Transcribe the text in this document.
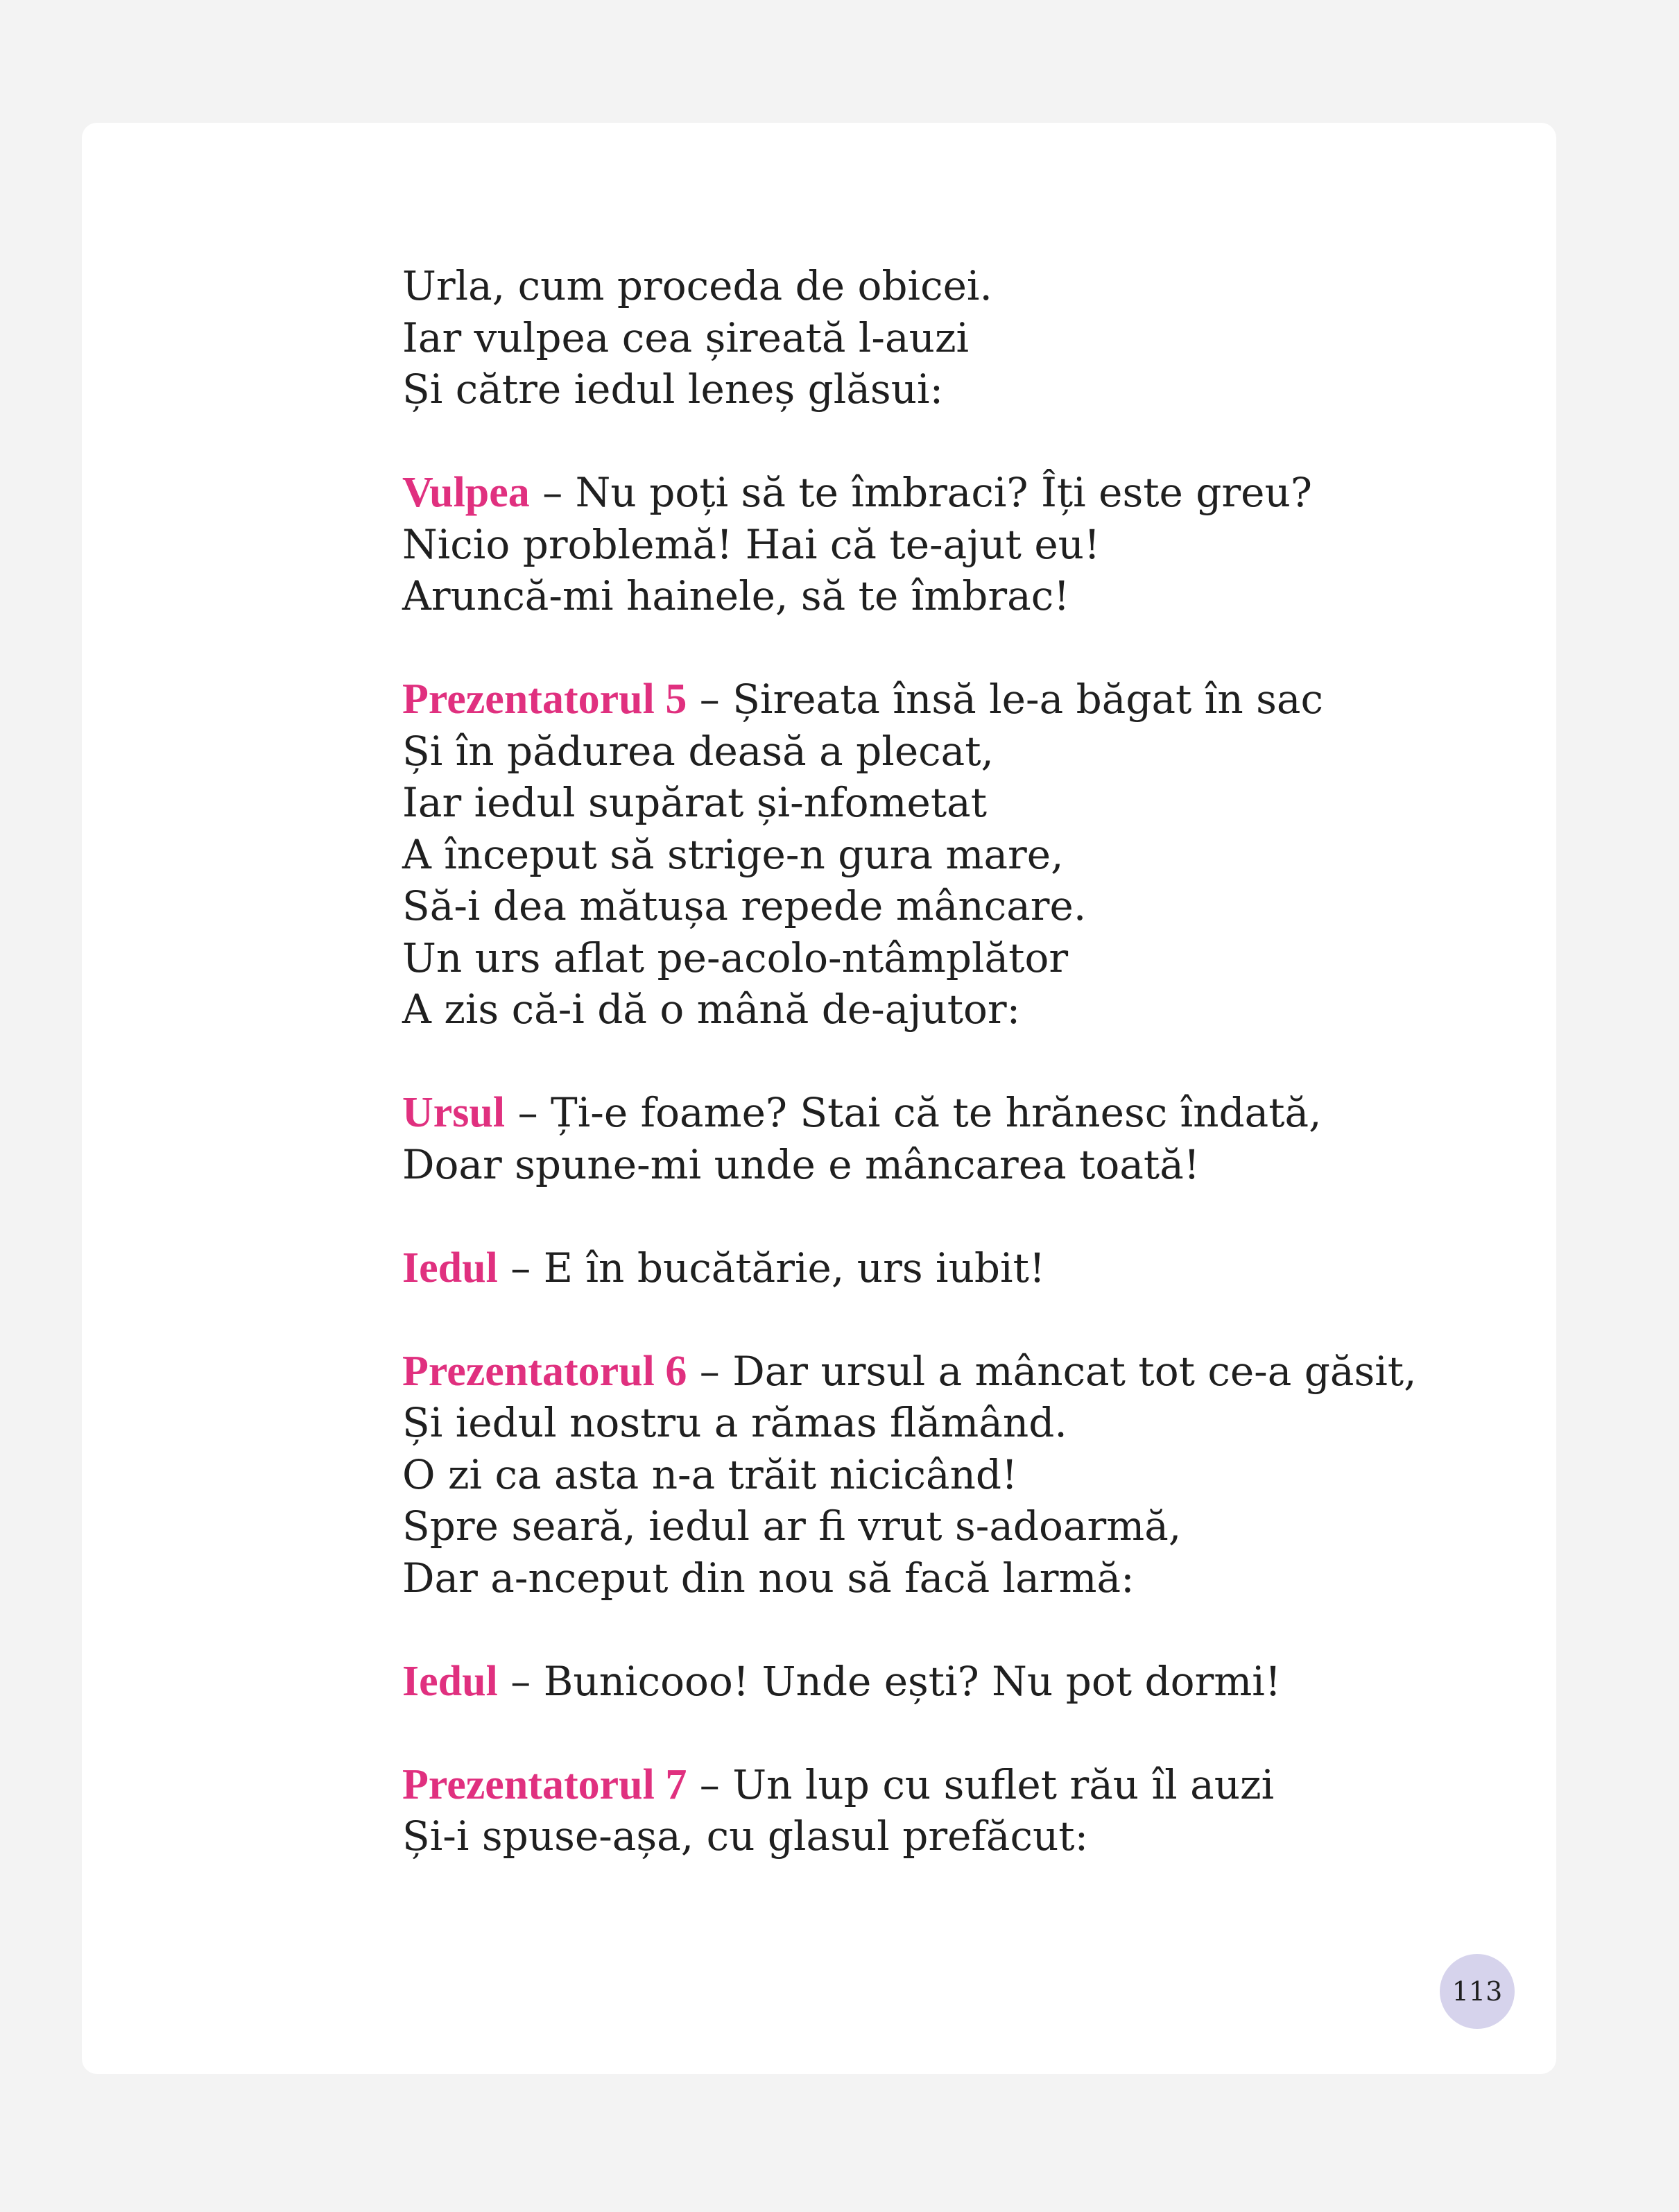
Urla, cum proceda de obicei.
Iar vulpea cea șireată l-auzi
Și către iedul leneș glăsui:
Vulpea – Nu poți să te îmbraci? Îți este greu?
Nicio problemă! Hai că te-ajut eu!
Aruncă-mi hainele, să te îmbrac!
Prezentatorul 5 – Șireata însă le-a băgat în sac
Și în pădurea deasă a plecat,
Iar iedul supărat și-nfometat
A început să strige-n gura mare,
Să-i dea mătușa repede mâncare.
Un urs aflat pe-acolo-ntâmplător
A zis că-i dă o mână de-ajutor:
Ursul – Ți-e foame? Stai că te hrănesc îndată,
Doar spune-mi unde e mâncarea toată!
Iedul – E în bucătărie, urs iubit!
Prezentatorul 6 – Dar ursul a mâncat tot ce-a găsit,
Și iedul nostru a rămas flămând.
O zi ca asta n-a trăit nicicând!
Spre seară, iedul ar fi vrut s-adoarmă,
Dar a-nceput din nou să facă larmă:
Iedul – Bunicooo! Unde ești? Nu pot dormi!
Prezentatorul 7 – Un lup cu suflet rău îl auzi
Și-i spuse-așa, cu glasul prefăcut:
113
